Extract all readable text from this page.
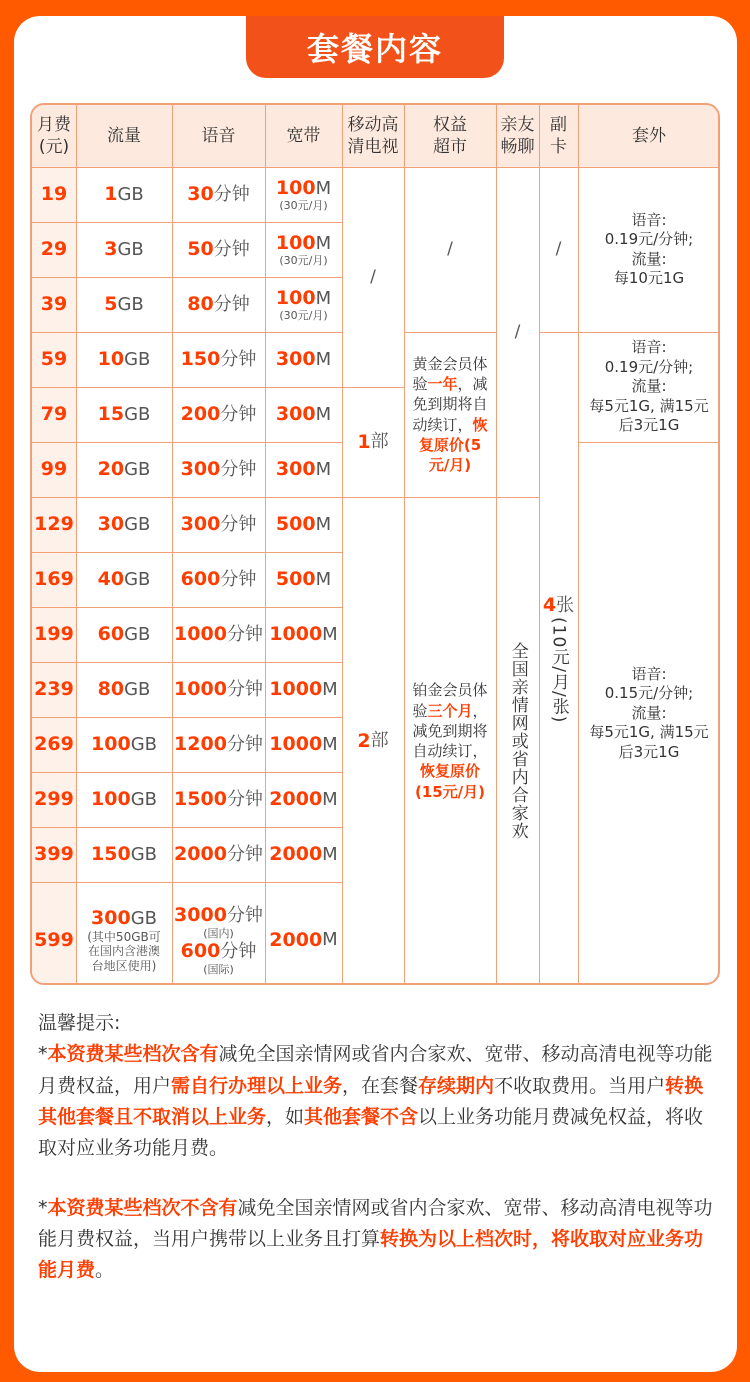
套餐内容
月费
(元)
流量	语音	宽带
移动高
清电视
权益
超市
亲友
畅聊
副
卡
套外
19 1 GB 30 分钟 100M
(30元/月)
29 3 GB 50 分钟 100M
(30元/月)
39 5 GB 80 分钟 100M
(30元/月)
59 10 GB 150 分钟 300M
79 15 GB 200 分钟 300M
99 20 GB 300 分钟 300M
129 30 GB 300 分钟 500M
169 40 GB 600 分钟 500M
199 60 GB 1000 分钟 1000M
239 80 GB 1000 分钟 1000M
269 100 GB 1200 分钟 1000M
299 100 GB 1500 分钟 2000M
399 150 GB 2000 分钟 2000M
599
300GB
(其中50GB可在国内含港澳台地区使用)
3000分钟
(国内)
600分钟
(国际)
2000 M
/
1 部
2 部
/
黄金会员体验一年，减免到期将自动续订，恢复原价(5元/月)
铂金会员体验三个月，减免到期将自动续订，恢复原价(15元/月)
/
全国亲情网或省内合家欢
/
4张
(10元/月/张)
语音:
0.19元/分钟;
流量:
每10元1G
语音:
0.19元/分钟;
流量:
每5元1G, 满15元后3元1G
语音:
0.15元/分钟;
流量:
每5元1G, 满15元后3元1G

温馨提示:

*本资费某些档次含有减免全国亲情网或省内合家欢、宽带、移动高清电视等功能月费权益，用户需自行办理以上业务，在套餐存续期内不收取费用。当用户转换其他套餐且不取消以上业务，如其他套餐不含以上业务功能月费减免权益，将收取对应业务功能月费。

*本资费某些档次不含有减免全国亲情网或省内合家欢、宽带、移动高清电视等功能月费权益，当用户携带以上业务且打算转换为以上档次时，将收取对应业务功能月费。
